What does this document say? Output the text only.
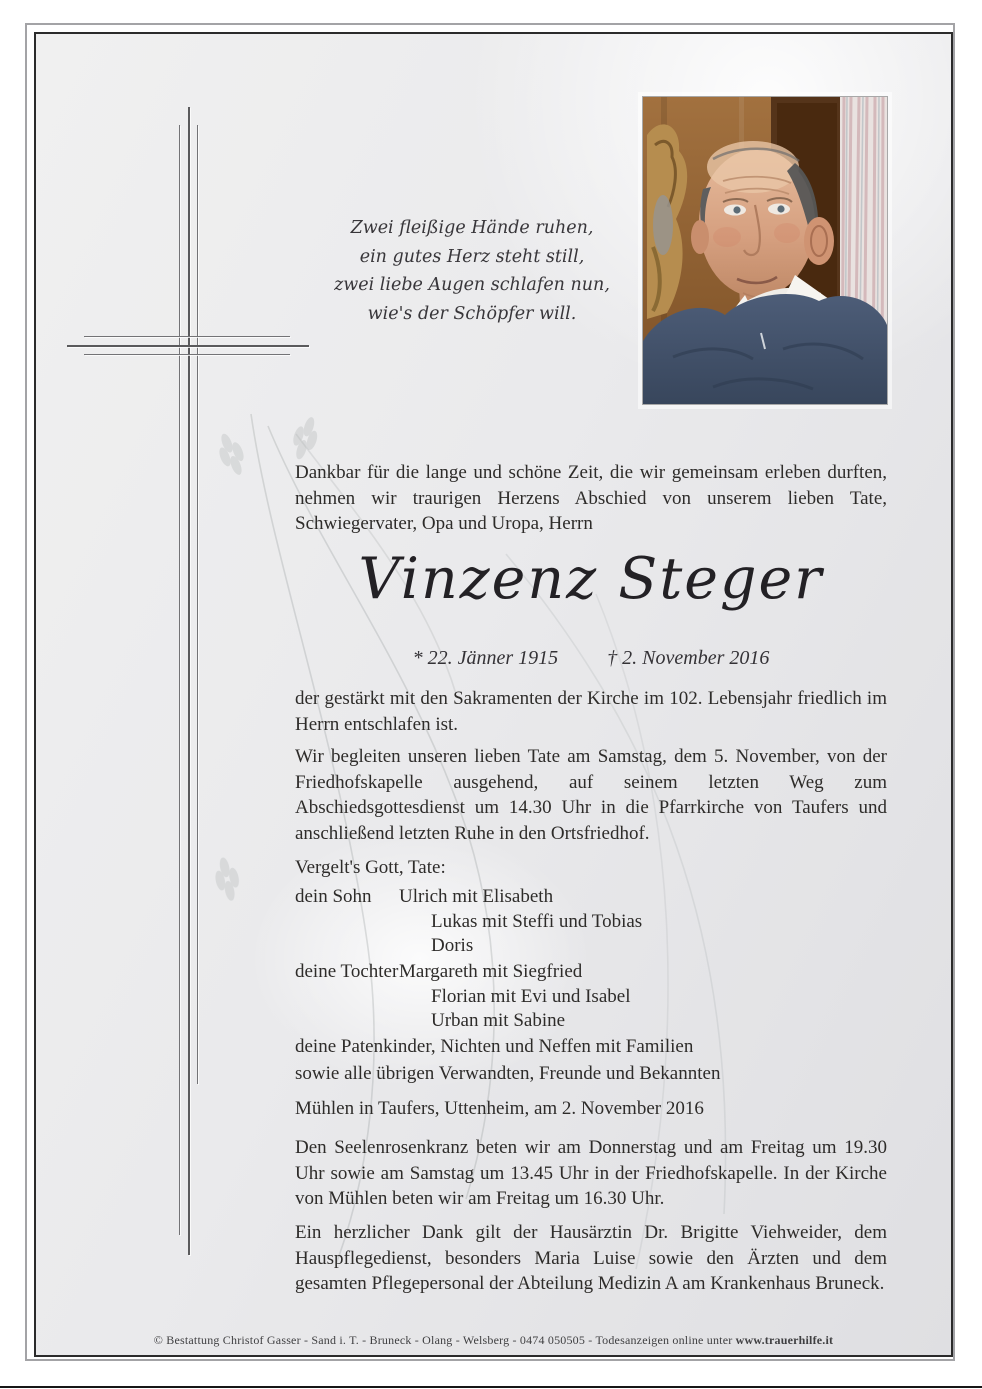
Zwei fleißige Hände ruhen,
ein gutes Herz steht still,
zwei liebe Augen schlafen nun,
wie's der Schöpfer will.
Dankbar für die lange und schöne Zeit, die wir gemeinsam erleben durften, nehmen wir traurigen Herzens Abschied von unserem lieben Tate, Schwiegervater, Opa und Uropa, Herrn
Vinzenz Steger
* 22. Jänner 1915 † 2. November 2016
der gestärkt mit den Sakramenten der Kirche im 102. Lebensjahr friedlich im Herrn entschlafen ist.
Wir begleiten unseren lieben Tate am Samstag, dem 5. November, von der Friedhofskapelle ausgehend, auf seinem letzten Weg zum Abschiedsgottesdienst um 14.30 Uhr in die Pfarrkirche von Taufers und anschließend letzten Ruhe in den Ortsfriedhof.
Vergelt's Gott, Tate:
dein Sohn Ulrich mit Elisabeth
Lukas mit Steffi und Tobias
Doris
deine Tochter Margareth mit Siegfried
Florian mit Evi und Isabel
Urban mit Sabine
deine Patenkinder, Nichten und Neffen mit Familien
sowie alle übrigen Verwandten, Freunde und Bekannten
Mühlen in Taufers, Uttenheim, am 2. November 2016
Den Seelenrosenkranz beten wir am Donnerstag und am Freitag um 19.30 Uhr sowie am Samstag um 13.45 Uhr in der Friedhofskapelle. In der Kirche von Mühlen beten wir am Freitag um 16.30 Uhr.
Ein herzlicher Dank gilt der Hausärztin Dr. Brigitte Viehweider, dem Hauspflegedienst, besonders Maria Luise sowie den Ärzten und dem gesamten Pflegepersonal der Abteilung Medizin A am Krankenhaus Bruneck.
© Bestattung Christof Gasser - Sand i. T. - Bruneck - Olang - Welsberg - 0474 050505 - Todesanzeigen online unter www.trauerhilfe.it
